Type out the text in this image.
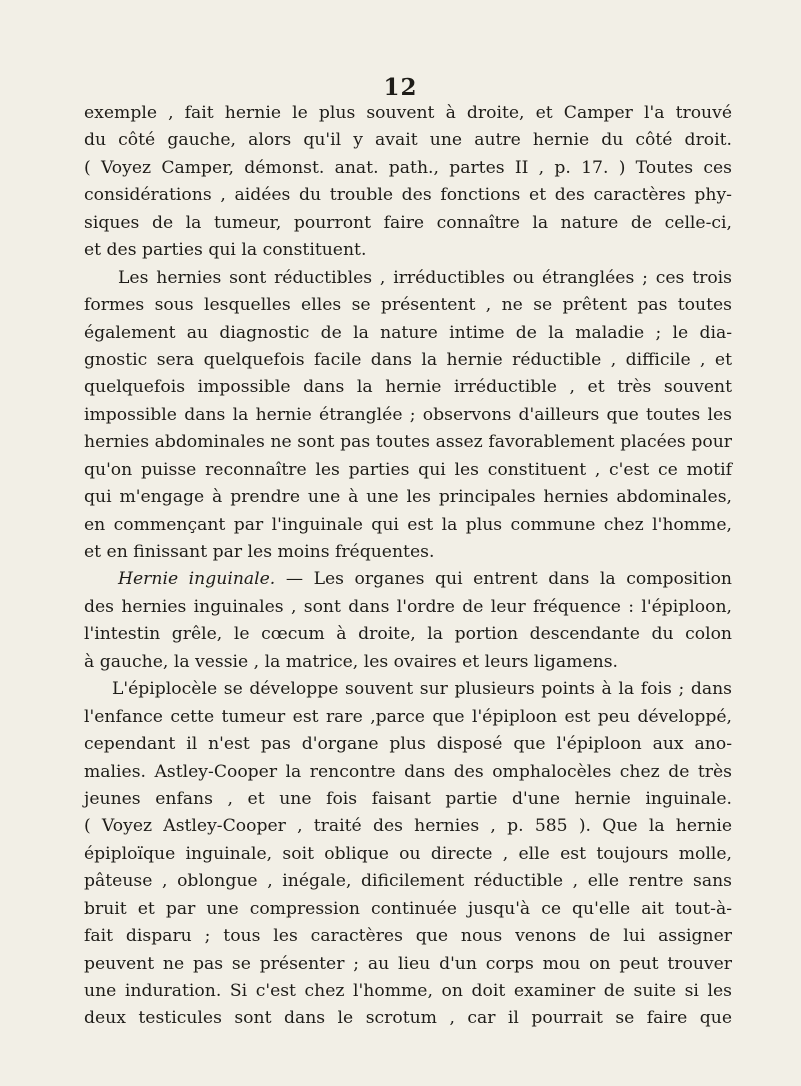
12
exemple , fait hernie le plus souvent à droite, et Camper l'a trouvé
du côté gauche, alors qu'il y avait une autre hernie du côté droit.
( Voyez Camper, démonst. anat. path., partes II , p. 17. ) Toutes ces
considérations , aidées du trouble des fonctions et des caractères phy-
siques de la tumeur, pourront faire connaître la nature de celle-ci,
et des parties qui la constituent.
Les hernies sont réductibles , irréductibles ou étranglées ; ces trois
formes sous lesquelles elles se présentent , ne se prêtent pas toutes
également au diagnostic de la nature intime de la maladie ; le dia-
gnostic sera quelquefois facile dans la hernie réductible , difficile , et
quelquefois impossible dans la hernie irréductible , et très souvent
impossible dans la hernie étranglée ; observons d'ailleurs que toutes les
hernies abdominales ne sont pas toutes assez favorablement placées pour
qu'on puisse reconnaître les parties qui les constituent , c'est ce motif
qui m'engage à prendre une à une les principales hernies abdominales,
en commençant par l'inguinale qui est la plus commune chez l'homme,
et en finissant par les moins fréquentes.
Hernie inguinale. — Les organes qui entrent dans la composition
des hernies inguinales , sont dans l'ordre de leur fréquence : l'épiploon,
l'intestin grêle, le cœcum à droite, la portion descendante du colon
à gauche, la vessie , la matrice, les ovaires et leurs ligamens.
L'épiplocèle se développe souvent sur plusieurs points à la fois ; dans
l'enfance cette tumeur est rare ,parce que l'épiploon est peu développé,
cependant il n'est pas d'organe plus disposé que l'épiploon aux ano-
malies. Astley-Cooper la rencontre dans des omphalocèles chez de très
jeunes enfans , et une fois faisant partie d'une hernie inguinale.
( Voyez Astley-Cooper , traité des hernies , p. 585 ). Que la hernie
épiploïque inguinale, soit oblique ou directe , elle est toujours molle,
pâteuse , oblongue , inégale, dificilement réductible , elle rentre sans
bruit et par une compression continuée jusqu'à ce qu'elle ait tout-à-
fait disparu ; tous les caractères que nous venons de lui assigner
peuvent ne pas se présenter ; au lieu d'un corps mou on peut trouver
une induration. Si c'est chez l'homme, on doit examiner de suite si les
deux testicules sont dans le scrotum , car il pourrait se faire que
